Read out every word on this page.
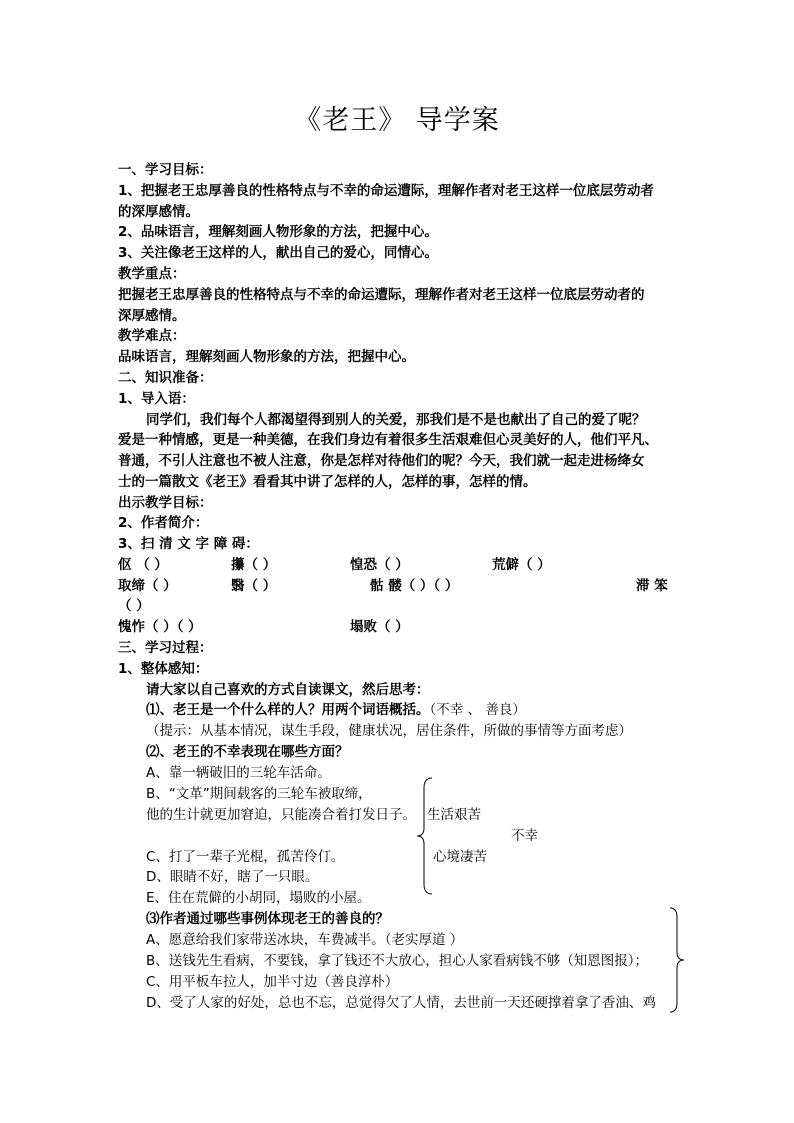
《老王》 导学案
一、学习目标：
1、把握老王忠厚善良的性格特点与不幸的命运遭际，理解作者对老王这样一位底层劳动者
的深厚感情。
2、品味语言，理解刻画人物形象的方法，把握中心。
3、关注像老王这样的人，献出自己的爱心，同情心。
教学重点：
把握老王忠厚善良的性格特点与不幸的命运遭际，理解作者对老王这样一位底层劳动者的
深厚感情。
教学难点：
品味语言，理解刻画人物形象的方法，把握中心。
二、知识准备：
1、导入语：
同学们，我们每个人都渴望得到别人的关爱，那我们是不是也献出了自己的爱了呢？
爱是一种情感，更是一种美德，在我们身边有着很多生活艰难但心灵美好的人，他们平凡、
普通，不引人注意也不被人注意，你是怎样对待他们的呢？今天，我们就一起走进杨绛女
士的一篇散文《老王》看看其中讲了怎样的人，怎样的事，怎样的情。
出示教学目标：
2、作者简介：
3、扫 清 文 字 障 碍：
伛 （ ）	攥（ ）	惶恐（ ）	荒僻（ ）
取缔（ ）	翳（ ）	骷 髅（ ）（ ）	滞 笨
（ ）
愧怍（ ）（ ）	塌败（ ）
三、学习过程：
1、整体感知：
请大家以自己喜欢的方式自读课文，然后思考：
⑴、老王是一个什么样的人？用两个词语概括。（不幸 、 善良）
（提示：从基本情况，谋生手段，健康状况，居住条件，所做的事情等方面考虑）
⑵、老王的不幸表现在哪些方面？
A、靠一辆破旧的三轮车活命。
B、“文革”期间载客的三轮车被取缔，
他的生计就更加窘迫，只能凑合着打发日子。 生活艰苦
不幸
C、打了一辈子光棍，孤苦伶仃。	心境凄苦
D、眼睛不好，瞎了一只眼。
E、住在荒僻的小胡同，塌败的小屋。
⑶作者通过哪些事例体现老王的善良的？
A、愿意给我们家带送冰块，车费减半。（老实厚道 ）
B、送钱先生看病，不要钱，拿了钱还不大放心，担心人家看病钱不够（知恩图报）；
C、用平板车拉人，加半寸边（善良淳朴）
D、受了人家的好处，总也不忘，总觉得欠了人情，去世前一天还硬撑着拿了香油、鸡
